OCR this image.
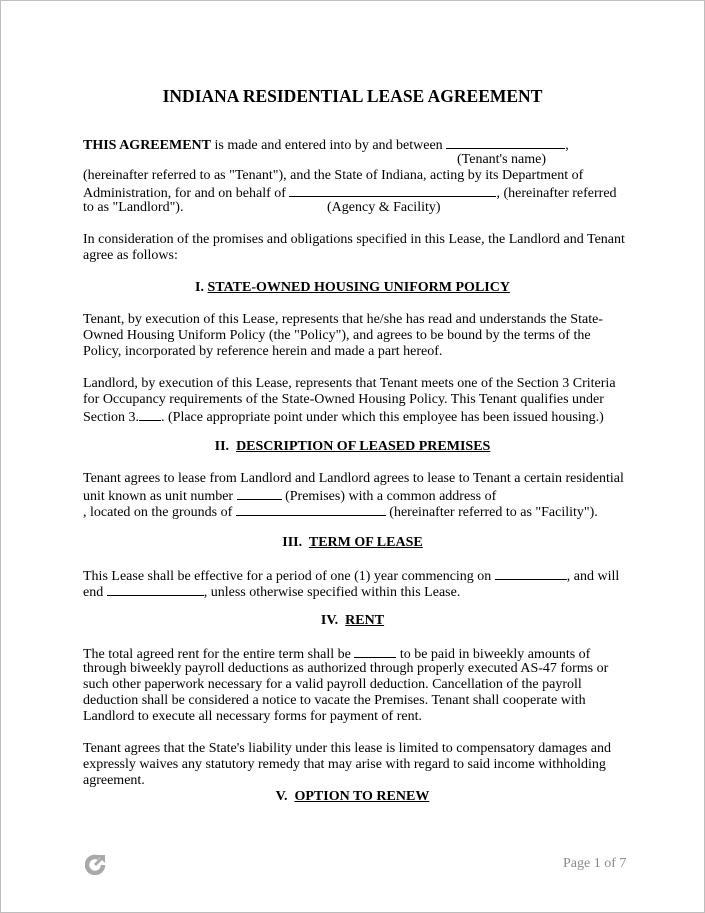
INDIANA RESIDENTIAL LEASE AGREEMENT
THIS AGREEMENT is made and entered into by and between	,
(Tenant's name)
(hereinafter referred to as "Tenant"), and the State of Indiana, acting by its Department of
Administration, for and on behalf of	, (hereinafter referred
to as "Landlord").	(Agency & Facility)
In consideration of the promises and obligations specified in this Lease, the Landlord and Tenant
agree as follows:
I. STATE-OWNED HOUSING UNIFORM POLICY
Tenant, by execution of this Lease, represents that he/she has read and understands the State-
Owned Housing Uniform Policy (the "Policy"), and agrees to be bound by the terms of the
Policy, incorporated by reference herein and made a part hereof.
Landlord, by execution of this Lease, represents that Tenant meets one of the Section 3 Criteria
for Occupancy requirements of the State-Owned Housing Policy. This Tenant qualifies under
Section 3. . (Place appropriate point under which this employee has been issued housing.)
II. DESCRIPTION OF LEASED PREMISES
Tenant agrees to lease from Landlord and Landlord agrees to lease to Tenant a certain residential
unit known as unit number	(Premises) with a common address of
, located on the grounds of	(hereinafter referred to as "Facility").
III. TERM OF LEASE
This Lease shall be effective for a period of one (1) year commencing on	, and will
end	, unless otherwise specified within this Lease.
IV. RENT
The total agreed rent for the entire term shall be	to be paid in biweekly amounts of
through biweekly payroll deductions as authorized through properly executed AS-47 forms or
such other paperwork necessary for a valid payroll deduction. Cancellation of the payroll
deduction shall be considered a notice to vacate the Premises. Tenant shall cooperate with
Landlord to execute all necessary forms for payment of rent.
Tenant agrees that the State's liability under this lease is limited to compensatory damages and
expressly waives any statutory remedy that may arise with regard to said income withholding
agreement.
V. OPTION TO RENEW
Page 1 of 7
